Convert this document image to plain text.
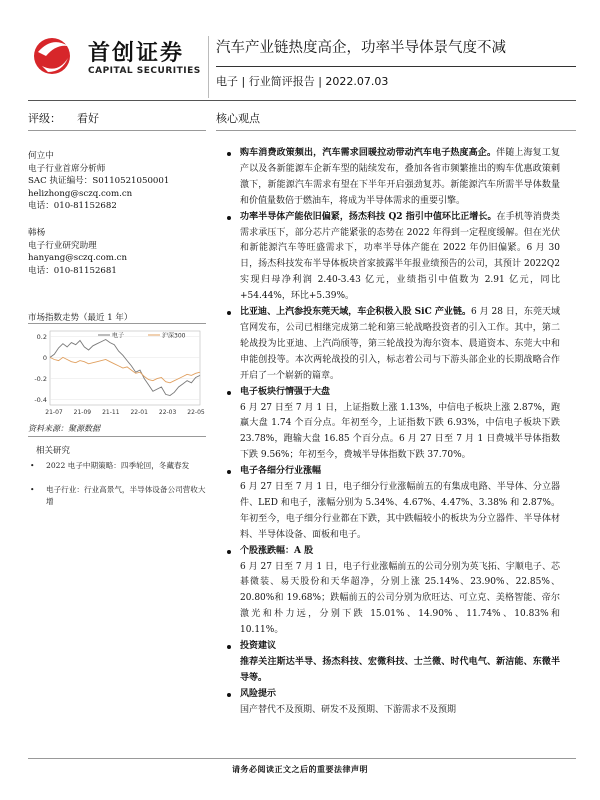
首创证券
CAPITAL SECURITIES
汽车产业链热度高企，功率半导体景气度不减
电子 | 行业简评报告 | 2022.07.03
评级： 看好	核心观点
何立中
电子行业首席分析师
SAC 执证编号：S0110521050001
helizhong@sczq.com.cn
电话：010-81152682
韩杨
电子行业研究助理
hanyang@sczq.com.cn
电话：010-81152681
市场指数走势（最近 1 年）
0.2
0
-0.2
-0.4
21-07 21-09 21-11 22-01 22-03 22-05
电子	沪深300
资料来源：聚源数据
相关研究
• 2022 电子中期策略：四季轮回，冬藏春发
• 电子行业：行业高景气，半导体设备公司营收大增
购车消费政策频出，汽车需求回暖拉动带动汽车电子热度高企。伴随上海复工复产以及各新能源车企新车型的陆续发布，叠加各省市频繁推出的购车优惠政策刺激下，新能源汽车需求有望在下半年开启强劲复苏。新能源汽车所需半导体数量和价值量数倍于燃油车，将成为半导体需求的重要引擎。
功率半导体产能依旧偏紧，扬杰科技 Q2 指引中值环比正增长。在手机等消费类需求承压下，部分芯片产能紧张的态势在 2022 年得到一定程度缓解。但在光伏和新能源汽车等旺盛需求下，功率半导体产能在 2022 年仍旧偏紧。6 月 30 日，扬杰科技发布半导体板块首家披露半年报业绩预告的公司，其预计 2022Q2 实现归母净利润 2.40-3.43 亿元，业绩指引中值数为 2.91 亿元，同比+54.44%，环比+5.39%。
比亚迪、上汽参投东莞天域，车企积极入股 SiC 产业链。6 月 28 日，东莞天域官网发布，公司已相继完成第二轮和第三轮战略投资者的引入工作。其中，第二轮战投为比亚迪、上汽尚颀等，第三轮战投为海尔资本、晨道资本、东莞大中和申能创投等。本次两轮战投的引入，标志着公司与下游头部企业的长期战略合作开启了一个崭新的篇章。
电子板块行情强于大盘
6 月 27 日至 7 月 1 日，上证指数上涨 1.13%，中信电子板块上涨 2.87%，跑赢大盘 1.74 个百分点。年初至今，上证指数下跌 6.93%，中信电子板块下跌 23.78%，跑输大盘 16.85 个百分点。6 月 27 日至 7 月 1 日费城半导体指数下跌 9.56%；年初至今，费城半导体指数下跌 37.70%。
电子各细分行业涨幅
6 月 27 日至 7 月 1 日，电子细分行业涨幅前五的有集成电路、半导体、分立器件、LED 和电子，涨幅分别为 5.34%、4.67%、4.47%、3.38% 和 2.87%。年初至今，电子细分行业都在下跌，其中跌幅较小的板块为分立器件、半导体材料、半导体设备、面板和电子。
个股涨跌幅：A 股
6 月 27 日至 7 月 1 日，电子行业涨幅前五的公司分别为英飞拓、宇顺电子、芯碁微装、易天股份和天华超净，分别上涨 25.14%、23.90%、22.85%、20.80%和 19.68%；跌幅前五的公司分别为欣旺达、可立克、美格智能、帝尔激光和朴力远，分别下跌 15.01%、14.90%、11.74%、10.83%和 10.11%。
投资建议
推荐关注斯达半导、扬杰科技、宏微科技、士兰微、时代电气、新洁能、东微半导等。
风险提示
国产替代不及预期、研发不及预期、下游需求不及预期
请务必阅读正文之后的重要法律声明
